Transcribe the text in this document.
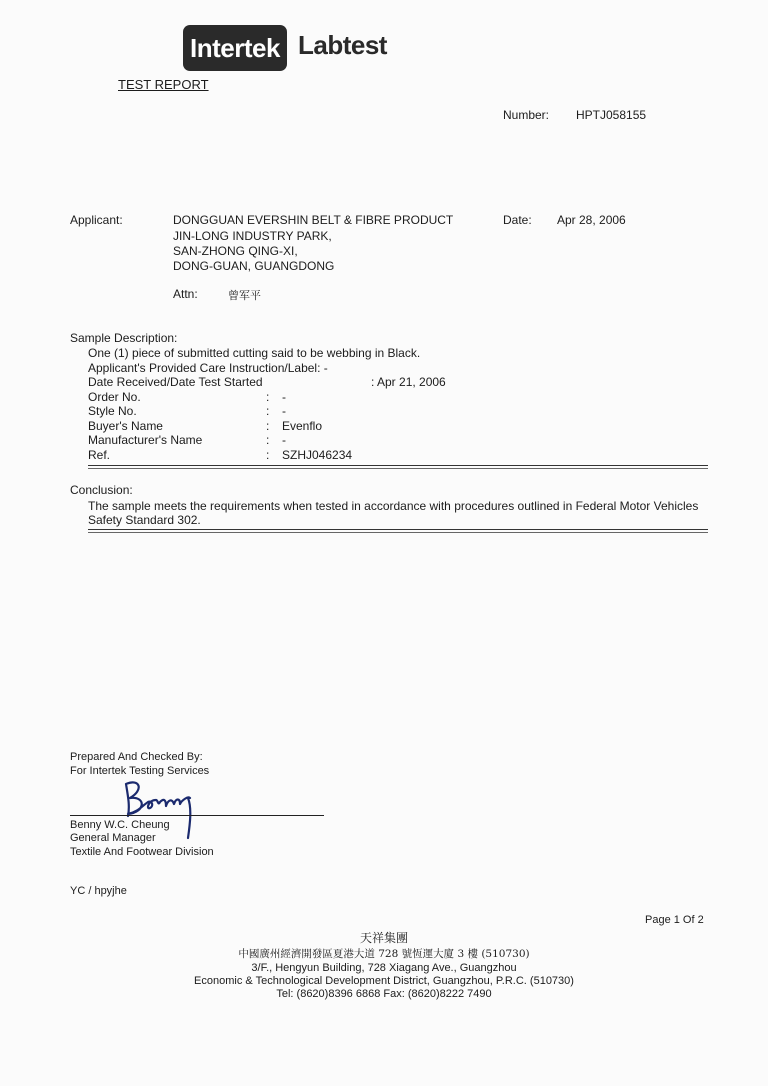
Intertek Labtest
TEST REPORT
Number: HPTJ058155
Applicant:	DONGGUAN EVERSHIN BELT & FIBRE PRODUCT
JIN-LONG INDUSTRY PARK,
SAN-ZHONG QING-XI,
DONG-GUAN, GUANGDONG
Date: Apr 28, 2006
Attn:	曾军平
Sample Description:
One (1) piece of submitted cutting said to be webbing in Black.
Applicant's Provided Care Instruction/Label: -
Date Received/Date Test Started	: Apr 21, 2006
Order No.	: -
Style No.	: -
Buyer's Name	: Evenflo
Manufacturer's Name	: -
Ref.	: SZHJ046234
Conclusion:
The sample meets the requirements when tested in accordance with procedures outlined in Federal Motor Vehicles
Safety Standard 302.
Prepared And Checked By:
For Intertek Testing Services
Benny W.C. Cheung
General Manager
Textile And Footwear Division
YC / hpyjhe
Page 1 Of 2
天祥集團
中國廣州經濟開發區夏港大道 728 號恆運大廈 3 樓 (510730)
3/F., Hengyun Building, 728 Xiagang Ave., Guangzhou
Economic & Technological Development District, Guangzhou, P.R.C. (510730)
Tel: (8620)8396 6868 Fax: (8620)8222 7490
